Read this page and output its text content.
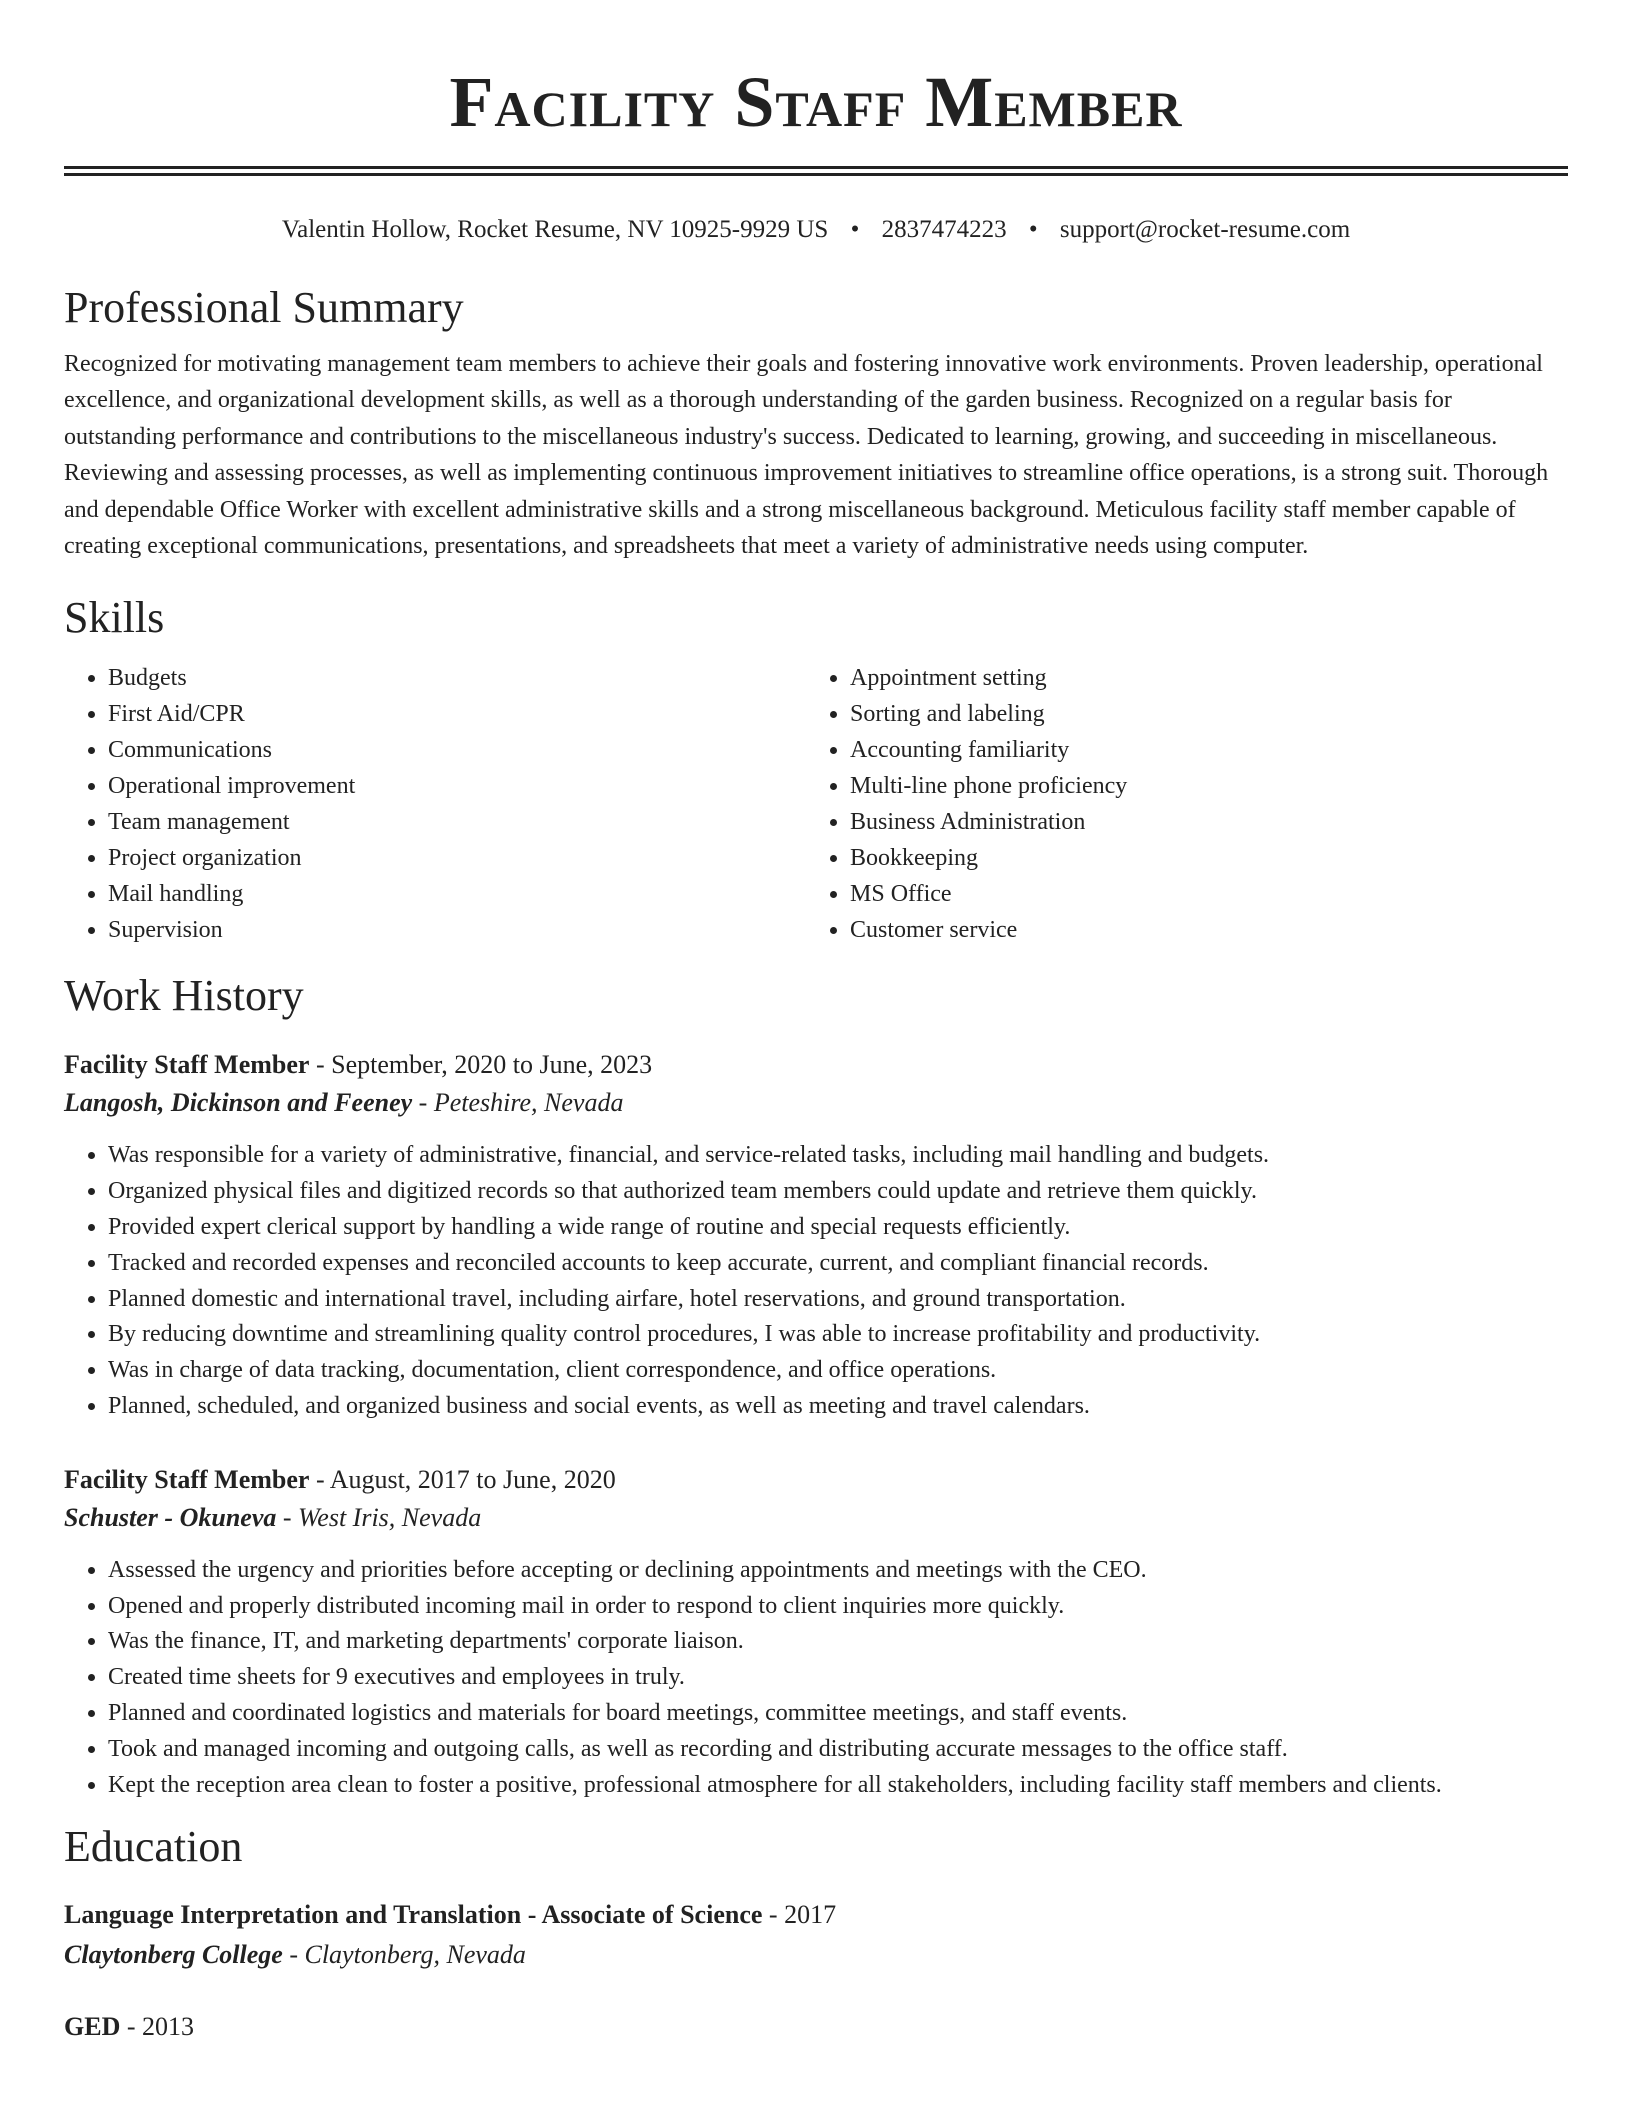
Facility Staff Member
Valentin Hollow, Rocket Resume, NV 10925-9929 US • 2837474223 • support@rocket-resume.com
Professional Summary
Recognized for motivating management team members to achieve their goals and fostering innovative work environments. Proven leadership, operational excellence, and organizational development skills, as well as a thorough understanding of the garden business. Recognized on a regular basis for outstanding performance and contributions to the miscellaneous industry's success. Dedicated to learning, growing, and succeeding in miscellaneous. Reviewing and assessing processes, as well as implementing continuous improvement initiatives to streamline office operations, is a strong suit. Thorough and dependable Office Worker with excellent administrative skills and a strong miscellaneous background. Meticulous facility staff member capable of creating exceptional communications, presentations, and spreadsheets that meet a variety of administrative needs using computer.
Skills
• Budgets
• First Aid/CPR
• Communications
• Operational improvement
• Team management
• Project organization
• Mail handling
• Supervision
• Appointment setting
• Sorting and labeling
• Accounting familiarity
• Multi-line phone proficiency
• Business Administration
• Bookkeeping
• MS Office
• Customer service
Work History
Facility Staff Member - September, 2020 to June, 2023
Langosh, Dickinson and Feeney - Peteshire, Nevada
• Was responsible for a variety of administrative, financial, and service-related tasks, including mail handling and budgets.
• Organized physical files and digitized records so that authorized team members could update and retrieve them quickly.
• Provided expert clerical support by handling a wide range of routine and special requests efficiently.
• Tracked and recorded expenses and reconciled accounts to keep accurate, current, and compliant financial records.
• Planned domestic and international travel, including airfare, hotel reservations, and ground transportation.
• By reducing downtime and streamlining quality control procedures, I was able to increase profitability and productivity.
• Was in charge of data tracking, documentation, client correspondence, and office operations.
• Planned, scheduled, and organized business and social events, as well as meeting and travel calendars.
Facility Staff Member - August, 2017 to June, 2020
Schuster - Okuneva - West Iris, Nevada
• Assessed the urgency and priorities before accepting or declining appointments and meetings with the CEO.
• Opened and properly distributed incoming mail in order to respond to client inquiries more quickly.
• Was the finance, IT, and marketing departments' corporate liaison.
• Created time sheets for 9 executives and employees in truly.
• Planned and coordinated logistics and materials for board meetings, committee meetings, and staff events.
• Took and managed incoming and outgoing calls, as well as recording and distributing accurate messages to the office staff.
• Kept the reception area clean to foster a positive, professional atmosphere for all stakeholders, including facility staff members and clients.
Education
Language Interpretation and Translation - Associate of Science - 2017
Claytonberg College - Claytonberg, Nevada
GED - 2013
